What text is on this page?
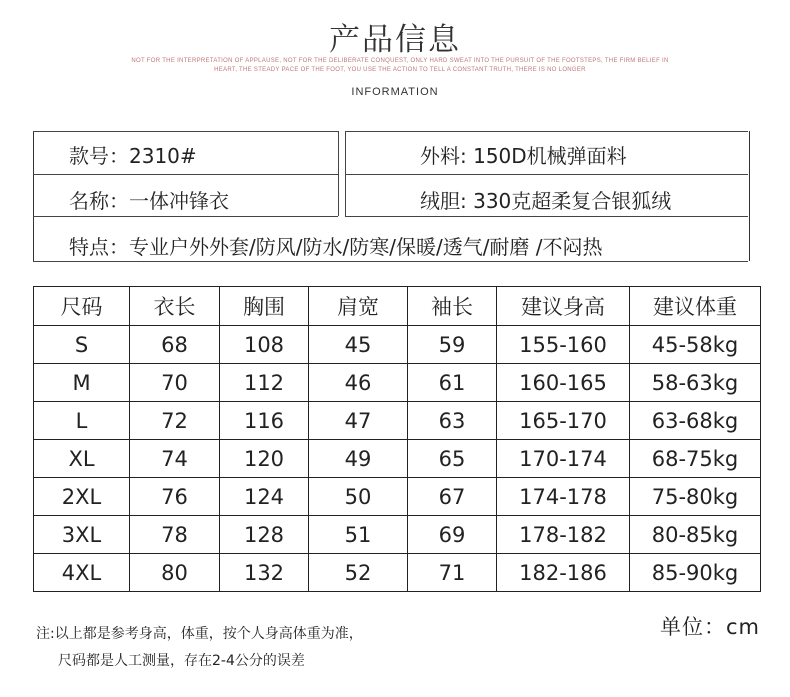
产品信息
NOT FOR THE INTERPRETATION OF APPLAUSE, NOT FOR THE DELIBERATE CONQUEST, ONLY HARD SWEAT INTO THE PURSUIT OF THE FOOTSTEPS, THE FIRM BELIEF IN
HEART, THE STEADY PACE OF THE FOOT, YOU USE THE ACTION TO TELL A CONSTANT TRUTH, THERE IS NO LONGER
INFORMATION
款号：2310#	外料: 150D机械弹面料
名称：一体冲锋衣	绒胆: 330克超柔复合银狐绒
特点：专业户外外套/防风/防水/防寒/保暖/透气/耐磨 /不闷热
尺码	衣长	胸围	肩宽	袖长	建议身高	建议体重
S	68	108	45	59	155-160	45-58kg
M	70	112	46	61	160-165	58-63kg
L	72	116	47	63	165-170	63-68kg
XL	74	120	49	65	170-174	68-75kg
2XL	76	124	50	67	174-178	75-80kg
3XL	78	128	51	69	178-182	80-85kg
4XL	80	132	52	71	182-186	85-90kg
注:以上都是参考身高，体重，按个人身高体重为准，
尺码都是人工测量，存在2-4公分的误差
单位：cm
